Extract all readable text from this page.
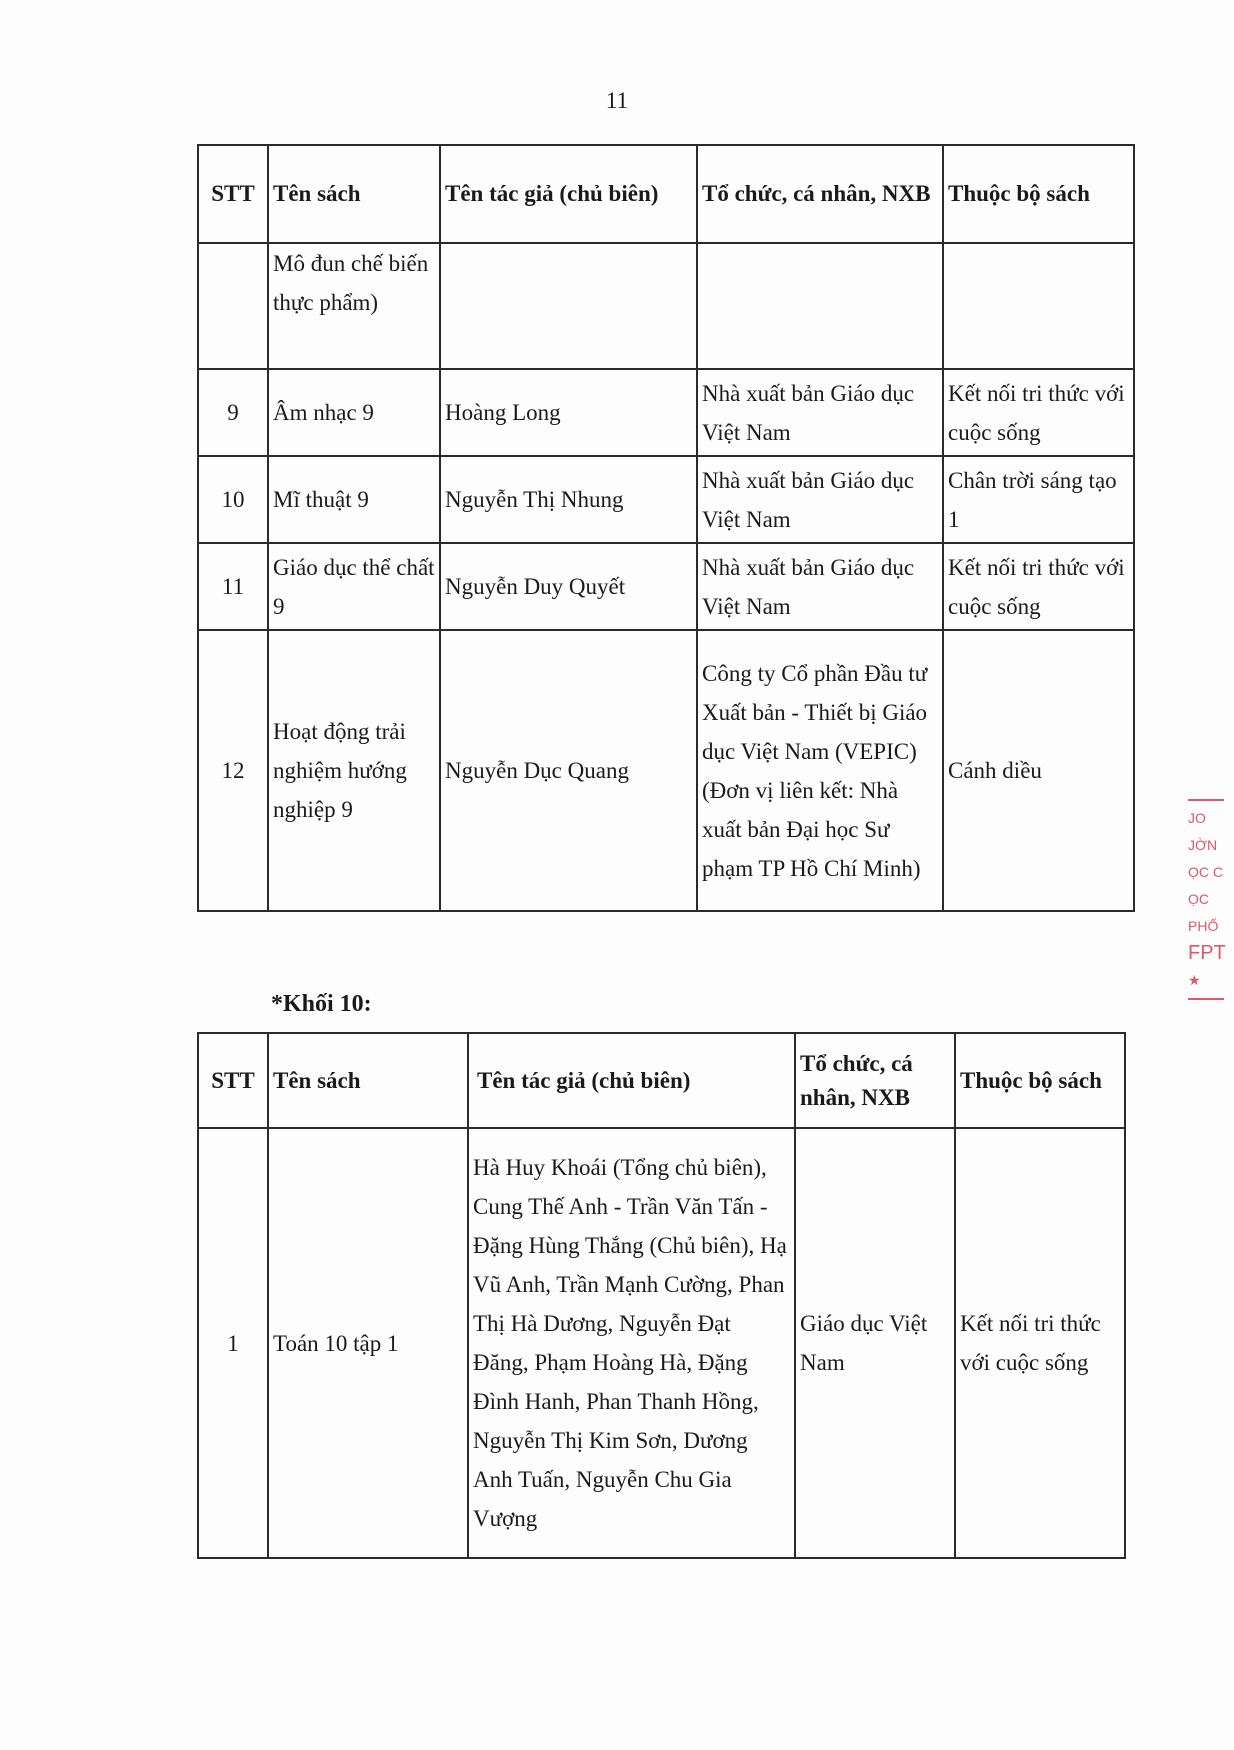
11
STT	Tên sách	Tên tác giả (chủ biên)	Tổ chức, cá nhân, NXB	Thuộc bộ sách
	Mô đun chế biến thực phẩm)			
9	Âm nhạc 9	Hoàng Long	Nhà xuất bản Giáo dục Việt Nam	Kết nối tri thức với cuộc sống
10	Mĩ thuật 9	Nguyễn Thị Nhung	Nhà xuất bản Giáo dục Việt Nam	Chân trời sáng tạo 1
11	Giáo dục thể chất 9	Nguyễn Duy Quyết	Nhà xuất bản Giáo dục Việt Nam	Kết nối tri thức với cuộc sống
12	Hoạt động trải nghiệm hướng nghiệp 9	Nguyễn Dục Quang	Công ty Cổ phần Đầu tư Xuất bản - Thiết bị Giáo dục Việt Nam (VEPIC) (Đơn vị liên kết: Nhà xuất bản Đại học Sư phạm TP Hồ Chí Minh)	Cánh diều
*Khối 10:
STT	Tên sách	Tên tác giả (chủ biên)	Tổ chức, cá nhân, NXB	Thuộc bộ sách
1	Toán 10 tập 1	Hà Huy Khoái (Tổng chủ biên), Cung Thế Anh - Trần Văn Tấn - Đặng Hùng Thắng (Chủ biên), Hạ Vũ Anh, Trần Mạnh Cường, Phan Thị Hà Dương, Nguyễn Đạt Đăng, Phạm Hoàng Hà, Đặng Đình Hanh, Phan Thanh Hồng, Nguyễn Thị Kim Sơn, Dương Anh Tuấn, Nguyễn Chu Gia Vượng	Giáo dục Việt Nam	Kết nối tri thức với cuộc sống
JO
JỜN
ỌC C
ỌC PHỔ
FPT
★
